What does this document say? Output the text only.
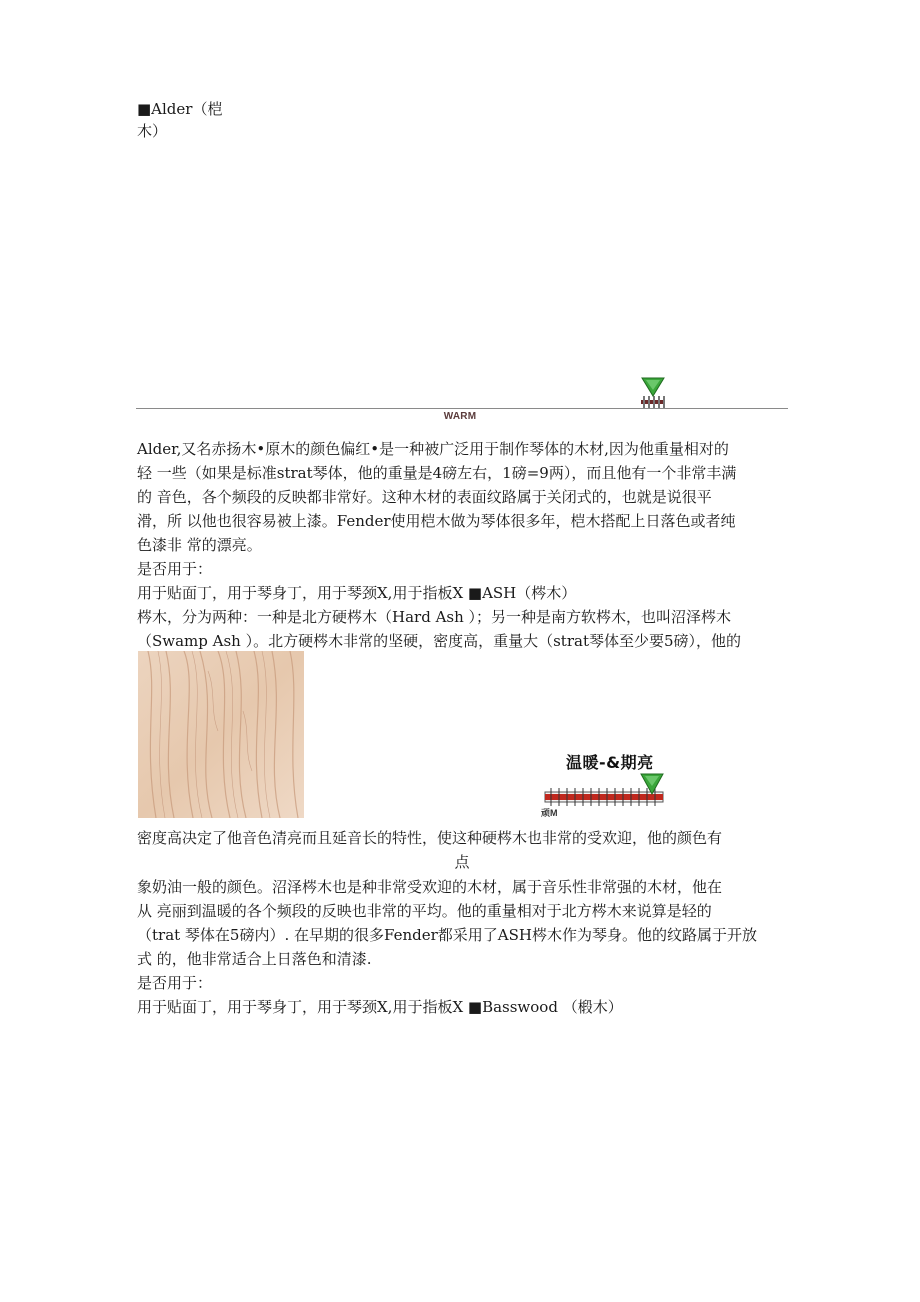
■Alder（桤
木）
WARM
Alder,又名赤扬木•原木的颜色偏红•是一种被广泛用于制作琴体的木材,因为他重量相对的
轻 一些（如果是标准strat琴体，他的重量是4磅左右，1磅=9两），而且他有一个非常丰满
的 音色，各个频段的反映都非常好。这种木材的表面纹路属于关闭式的，也就是说很平
滑，所 以他也很容易被上漆。Fender使用桤木做为琴体很多年，桤木搭配上日落色或者纯
色漆非 常的漂亮。
是否用于：
用于贴面丁，用于琴身丁，用于琴颈X,用于指板X ■ASH（梣木）
梣木，分为两种：一种是北方硬梣木（Hard Ash ）；另一种是南方软梣木，也叫沼泽梣木
（Swamp Ash ）。北方硬梣木非常的坚硬，密度高，重量大（strat琴体至少要5磅），他的
温暖-&期亮
顽M
密度高决定了他音色清亮而且延音长的特性，使这种硬梣木也非常的受欢迎，他的颜色有
点
象奶油一般的颜色。沼泽梣木也是种非常受欢迎的木材，属于音乐性非常强的木材，他在
从 亮丽到温暖的各个频段的反映也非常的平均。他的重量相对于北方梣木来说算是轻的
（trat 琴体在5磅内）. 在早期的很多Fender都采用了ASH梣木作为琴身。他的纹路属于开放
式 的，他非常适合上日落色和清漆.
是否用于：
用于贴面丁，用于琴身丁，用于琴颈X,用于指板X ■Basswood （椴木）
